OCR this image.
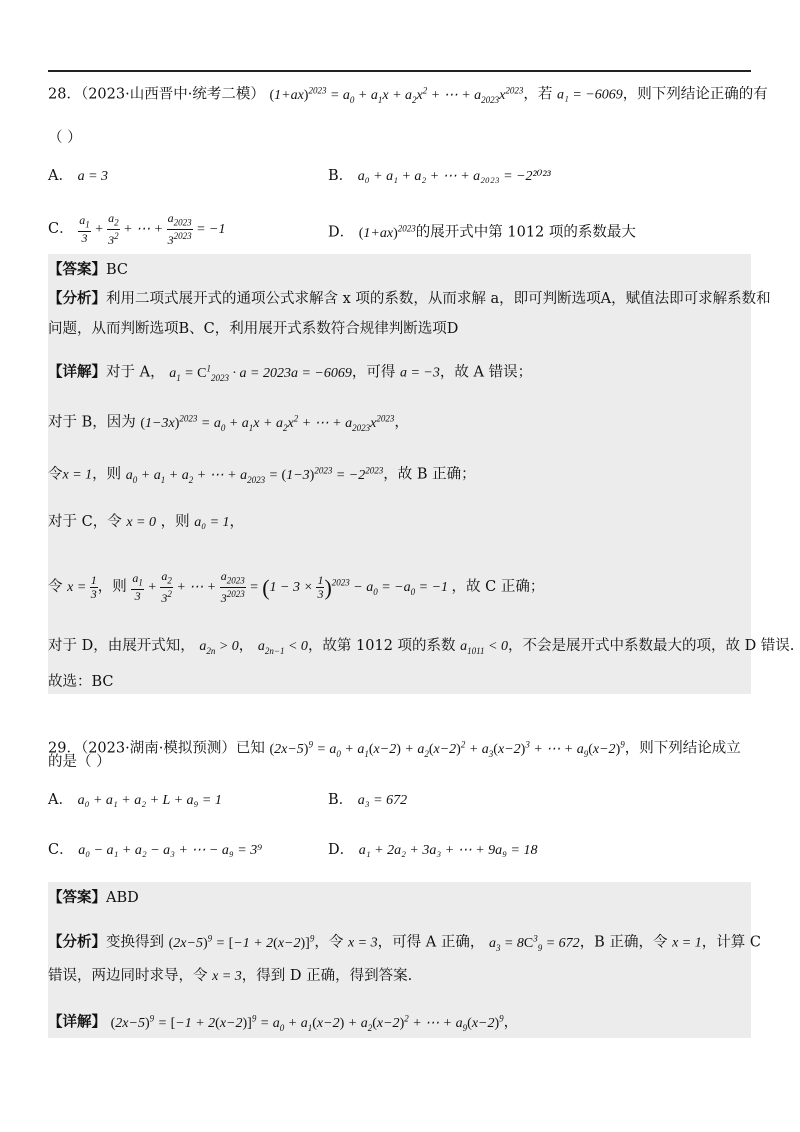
28．（2023·山西晋中·统考二模） $(1+ax)^{2023} = a_0 + a_1x + a_2x^2$ + ⋯ + $a_{2023}x^{2023}$，若 a₁ = −6069，则下列结论正确的有
（ ）
A． a = 3	B． a₀ + a₁ + a₂ + ⋯ + a₂₀₂₃ = −2²⁰²³
C． $\frac{a_1}{3} + \frac{a_2}{3^2}$ + ⋯ + $\frac{a_{2023}}{3^{2023}} = -1$	D． $(1+ax)^{2023}$的展开式中第 1012 项的系数最大
【答案】BC
【分析】利用二项式展开式的通项公式求解含 x 项的系数，从而求解 a，即可判断选项A，赋值法即可求解系数和
问题，从而判断选项B、C，利用展开式系数符合规律判断选项D
【详解】对于 A， $a_1 = C^1_{2023} \cdot a = 2023a = -6069$，可得 a = −3，故 A 错误；
对于 B，因为 $(1-3x)^{2023} = a_0 + a_1x + a_2x^2$ + ⋯ + $a_{2023}x^{2023}$，
令x = 1，则 $a_0 + a_1 + a_2$ + ⋯ + $a_{2023} = (1-3)^{2023} = -2^{2023}$，故 B 正确；
对于 C，令 x = 0 ，则 a₀ = 1，
令 $x = \frac{1}{3}$ ，则 $\frac{a_1}{3} + \frac{a_2}{3^2}$ + ⋯ + $\frac{a_{2023}}{3^{2023}} = (1 - 3 \times \frac{1}{3} )^{2023} - a_0 = -a_0 = -1$ ，故 C 正确；
对于 D，由展开式知， $a_{2n} > 0$， $a_{2n-1} < 0$，故第 1012 项的系数 $a_{1011} < 0$，不会是展开式中系数最大的项，故 D 错误.
故选：BC
29．（2023·湖南·模拟预测）已知 $(2x-5)^9 = a_0 + a_1(x-2) + a_2(x-2)^2 + a_3(x-2)^3$ + ⋯ + $a_9(x-2)^9$，则下列结论成立
的是（ ）
A． a₀ + a₁ + a₂ + L + a₉ = 1	B． a₃ = 672
C． a₀ − a₁ + a₂ − a₃ + ⋯ − a₉ = 3⁹	D． a₁ + 2a₂ + 3a₃ + ⋯ + 9a₉ = 18
【答案】ABD
【分析】变换得到 $(2x-5)^9 = [-1 + 2(x-2)]^9$，令 x = 3，可得 A 正确， $a_3 = 8C^3_9 = 672$，B 正确，令 x = 1，计算 C
错误，两边同时求导，令 x = 3，得到 D 正确，得到答案.
【详解】 $(2x-5)^9 = [-1 + 2(x-2)]^9 = a_0 + a_1(x-2) + a_2(x-2)^2$ + ⋯ + $a_9(x-2)^9$，
